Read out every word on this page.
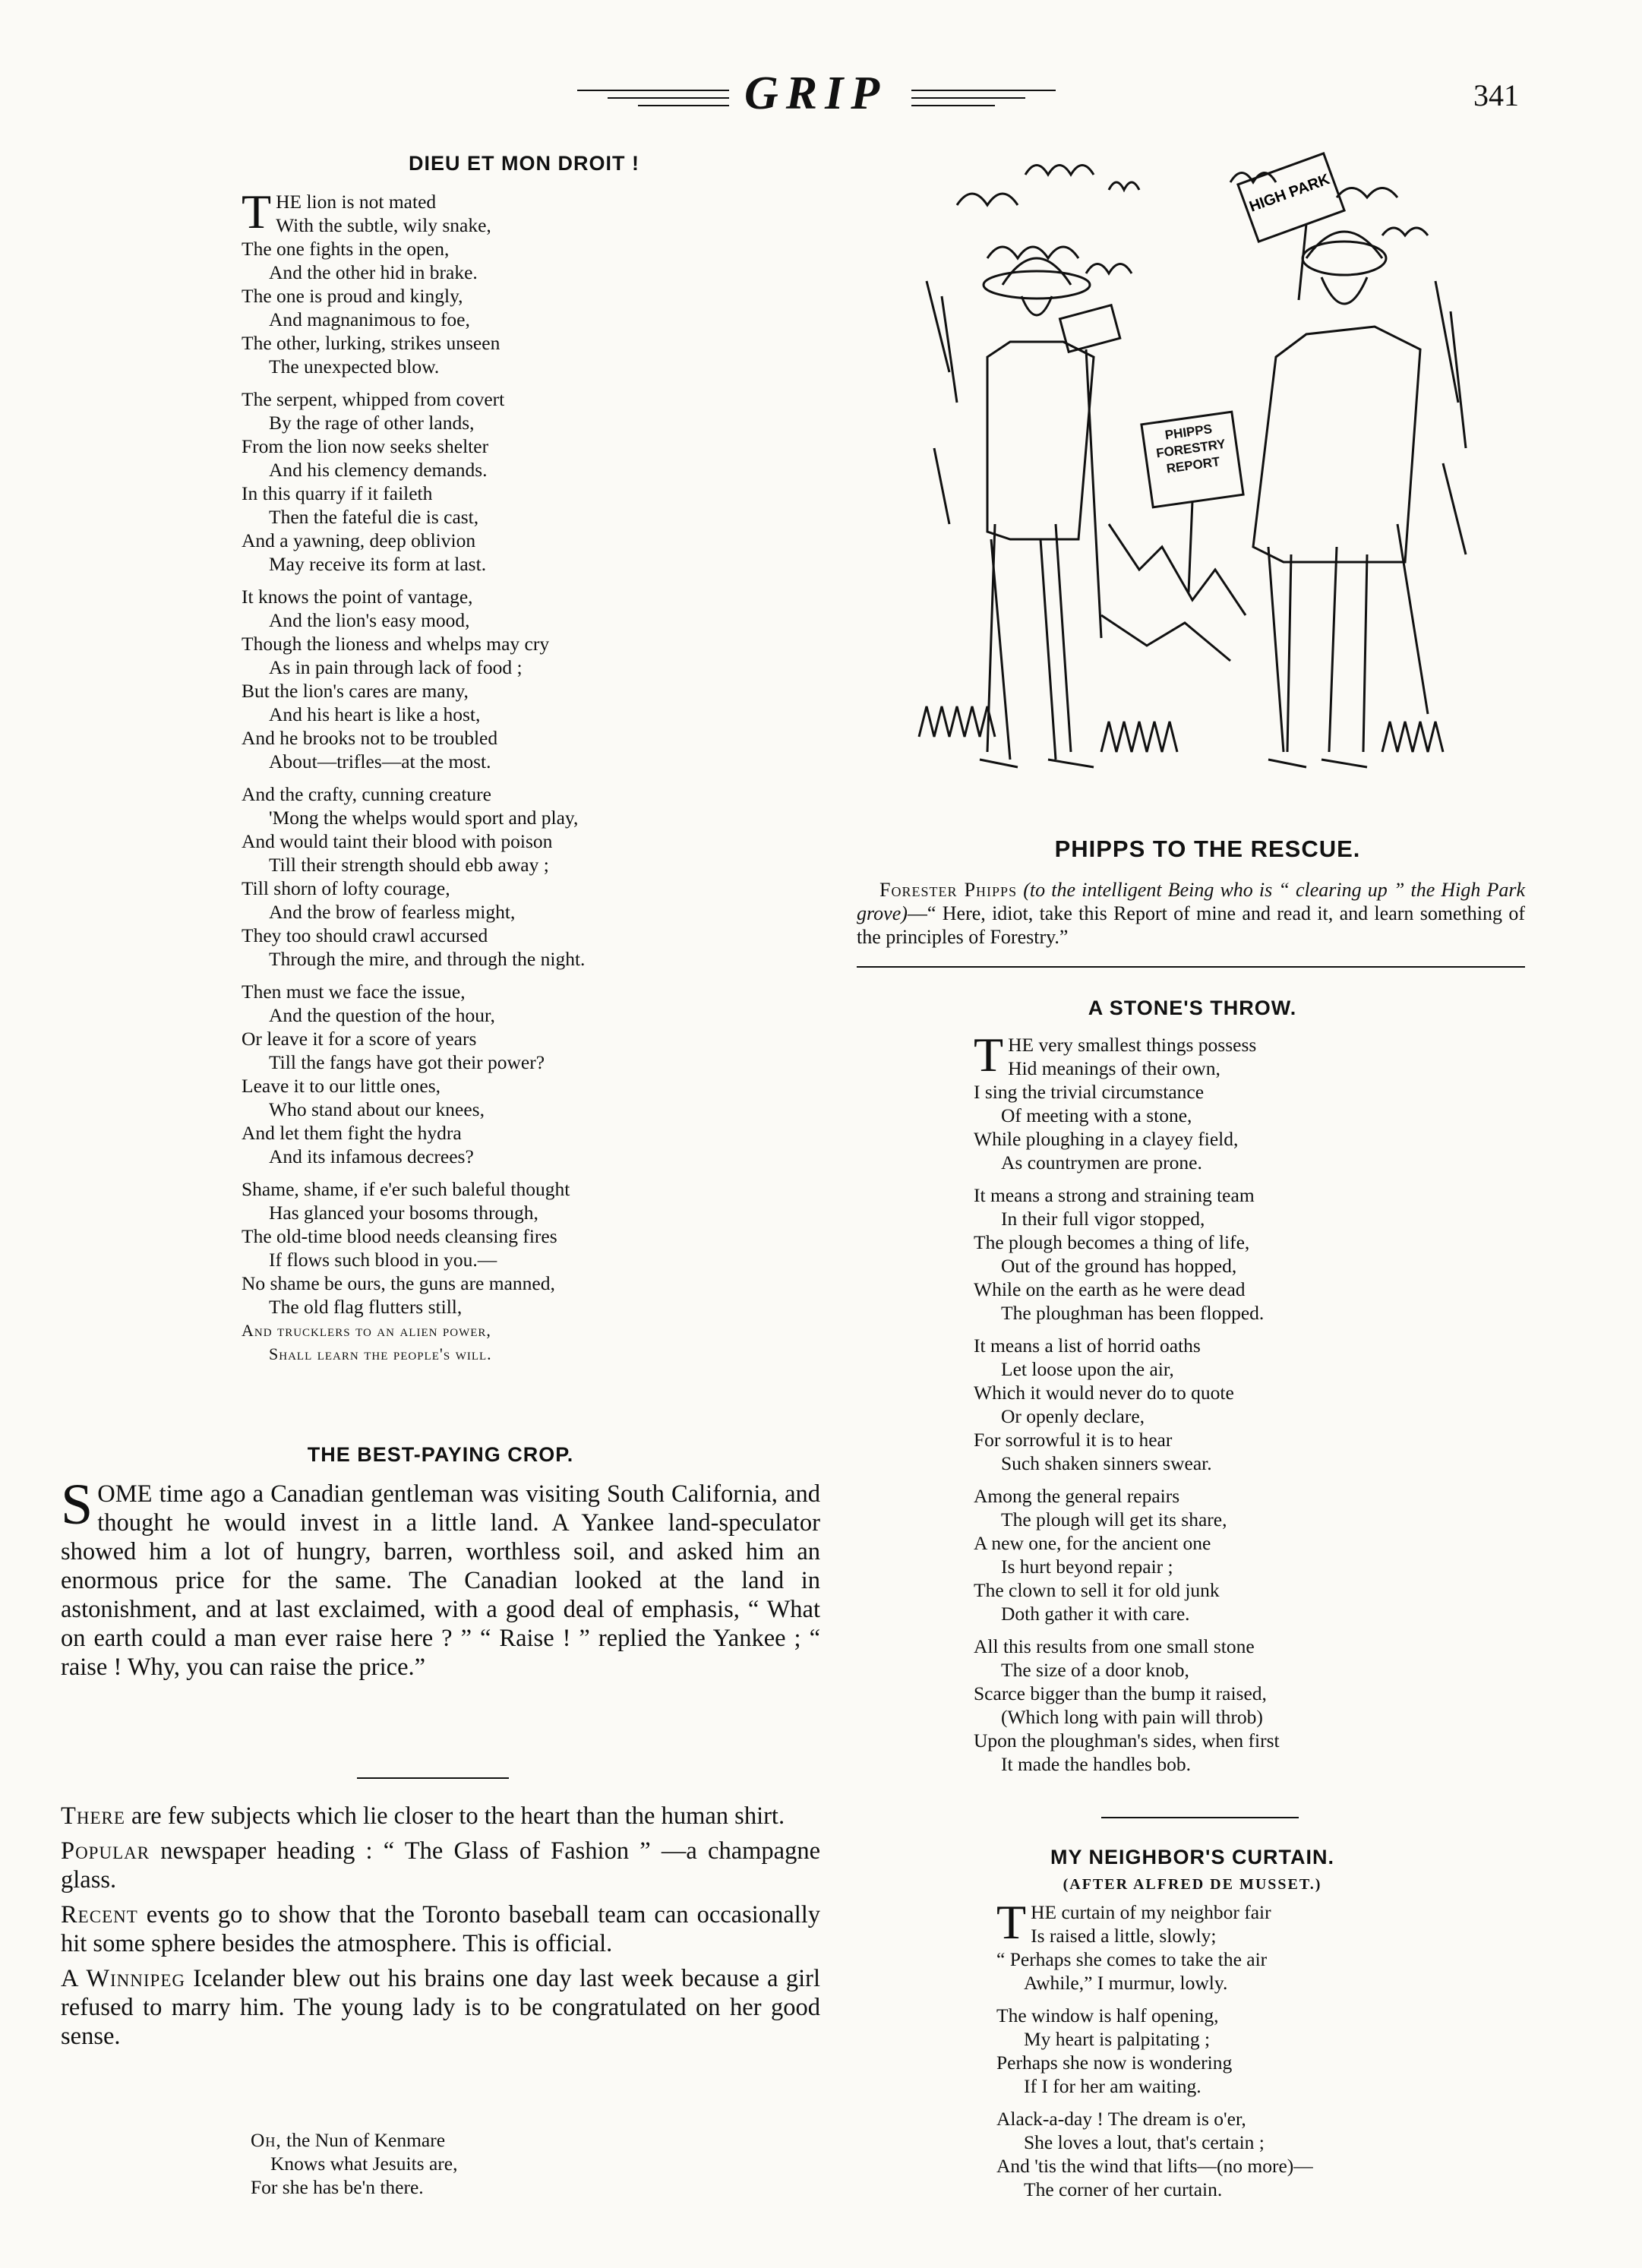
GRIP	341
DIEU ET MON DROIT !
THE lion is not mated
With the subtle, wily snake,
The one fights in the open,
And the other hid in brake.
The one is proud and kingly,
And magnanimous to foe,
The other, lurking, strikes unseen
The unexpected blow.
The serpent, whipped from covert
By the rage of other lands,
From the lion now seeks shelter
And his clemency demands.
In this quarry if it faileth
Then the fateful die is cast,
And a yawning, deep oblivion
May receive its form at last.
It knows the point of vantage,
And the lion's easy mood,
Though the lioness and whelps may cry
As in pain through lack of food ;
But the lion's cares are many,
And his heart is like a host,
And he brooks not to be troubled
About—trifles—at the most.
And the crafty, cunning creature
'Mong the whelps would sport and play,
And would taint their blood with poison
Till their strength should ebb away ;
Till shorn of lofty courage,
And the brow of fearless might,
They too should crawl accursed
Through the mire, and through the night.
Then must we face the issue,
And the question of the hour,
Or leave it for a score of years
Till the fangs have got their power?
Leave it to our little ones,
Who stand about our knees,
And let them fight the hydra
And its infamous decrees?
Shame, shame, if e'er such baleful thought
Has glanced your bosoms through,
The old-time blood needs cleansing fires
If flows such blood in you.—
No shame be ours, the guns are manned,
The old flag flutters still,
And trucklers to an alien power,
Shall learn the people's will.
THE BEST-PAYING CROP.
SOME time ago a Canadian gentleman was visiting South California, and thought he would invest in a little land. A Yankee land-speculator showed him a lot of hungry, barren, worthless soil, and asked him an enormous price for the same. The Canadian looked at the land in astonishment, and at last exclaimed, with a good deal of emphasis, “ What on earth could a man ever raise here ? ” “ Raise ! ” replied the Yankee ; “ raise ! Why, you can raise the price.”

There are few subjects which lie closer to the heart than the human shirt.

Popular newspaper heading : “ The Glass of Fashion ” —a champagne glass.

Recent events go to show that the Toronto baseball team can occasionally hit some sphere besides the atmosphere. This is official.

A Winnipeg Icelander blew out his brains one day last week because a girl refused to marry him. The young lady is to be congratulated on her good sense.

Oh, the Nun of Kenmare
Knows what Jesuits are,
For she has be'n there.
HIGH PARK
PHIPPS FORESTRY REPORT
PHIPPS TO THE RESCUE.
Forester Phipps (to the intelligent Being who is “ clearing up ” the High Park grove)—“ Here, idiot, take this Report of mine and read it, and learn something of the principles of Forestry.”
A STONE'S THROW.
THE very smallest things possess
Hid meanings of their own,
I sing the trivial circumstance
Of meeting with a stone,
While ploughing in a clayey field,
As countrymen are prone.
It means a strong and straining team
In their full vigor stopped,
The plough becomes a thing of life,
Out of the ground has hopped,
While on the earth as he were dead
The ploughman has been flopped.
It means a list of horrid oaths
Let loose upon the air,
Which it would never do to quote
Or openly declare,
For sorrowful it is to hear
Such shaken sinners swear.
Among the general repairs
The plough will get its share,
A new one, for the ancient one
Is hurt beyond repair ;
The clown to sell it for old junk
Doth gather it with care.
All this results from one small stone
The size of a door knob,
Scarce bigger than the bump it raised,
(Which long with pain will throb)
Upon the ploughman's sides, when first
It made the handles bob.
MY NEIGHBOR'S CURTAIN.
(AFTER ALFRED DE MUSSET.)
THE curtain of my neighbor fair
Is raised a little, slowly;
“ Perhaps she comes to take the air
Awhile,” I murmur, lowly.
The window is half opening,
My heart is palpitating ;
Perhaps she now is wondering
If I for her am waiting.
Alack-a-day ! The dream is o'er,
She loves a lout, that's certain ;
And 'tis the wind that lifts—(no more)—
The corner of her curtain.
